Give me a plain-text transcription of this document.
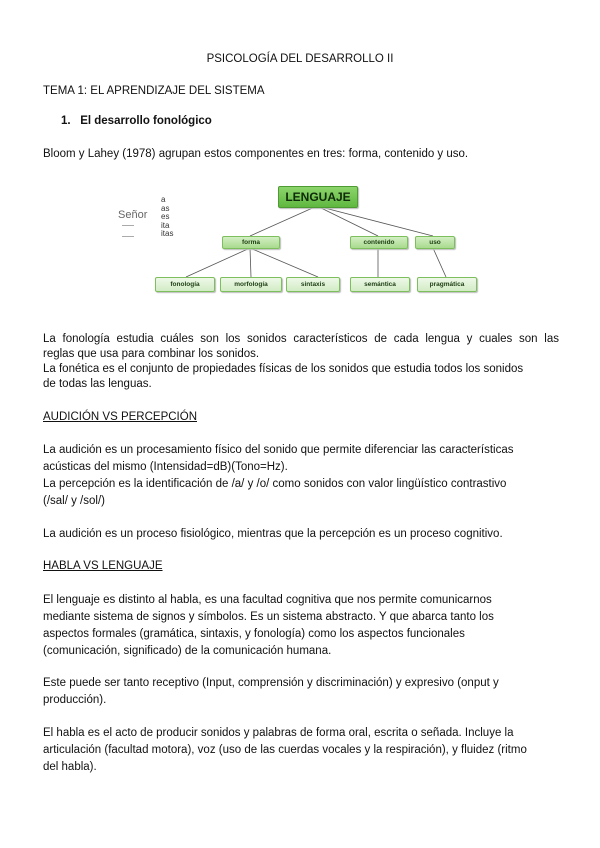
PSICOLOGÍA DEL DESARROLLO II

TEMA 1: EL APRENDIZAJE DEL SISTEMA

1. El desarrollo fonológico

Bloom y Lahey (1978) agrupan estos componentes en tres: forma, contenido y uso.

Señor
a
as
es
ita
itas
LENGUAJE
forma	contenido	uso
fonología	morfología	sintaxis	semántica	pragmática

La fonología estudia cuáles son los sonidos característicos de cada lengua y cuales son las

reglas que usa para combinar los sonidos.

La fonética es el conjunto de propiedades físicas de los sonidos que estudia todos los sonidos

de todas las lenguas.

AUDICIÓN VS PERCEPCIÓN

La audición es un procesamiento físico del sonido que permite diferenciar las características

acústicas del mismo (Intensidad=dB)(Tono=Hz).

La percepción es la identificación de /a/ y /o/ como sonidos con valor lingüístico contrastivo

(/sal/ y /sol/)

La audición es un proceso fisiológico, mientras que la percepción es un proceso cognitivo.

HABLA VS LENGUAJE

El lenguaje es distinto al habla, es una facultad cognitiva que nos permite comunicarnos

mediante sistema de signos y símbolos. Es un sistema abstracto. Y que abarca tanto los

aspectos formales (gramática, sintaxis, y fonología) como los aspectos funcionales

(comunicación, significado) de la comunicación humana.

Este puede ser tanto receptivo (Input, comprensión y discriminación) y expresivo (onput y

producción).

El habla es el acto de producir sonidos y palabras de forma oral, escrita o señada. Incluye la

articulación (facultad motora), voz (uso de las cuerdas vocales y la respiración), y fluidez (ritmo

del habla).
